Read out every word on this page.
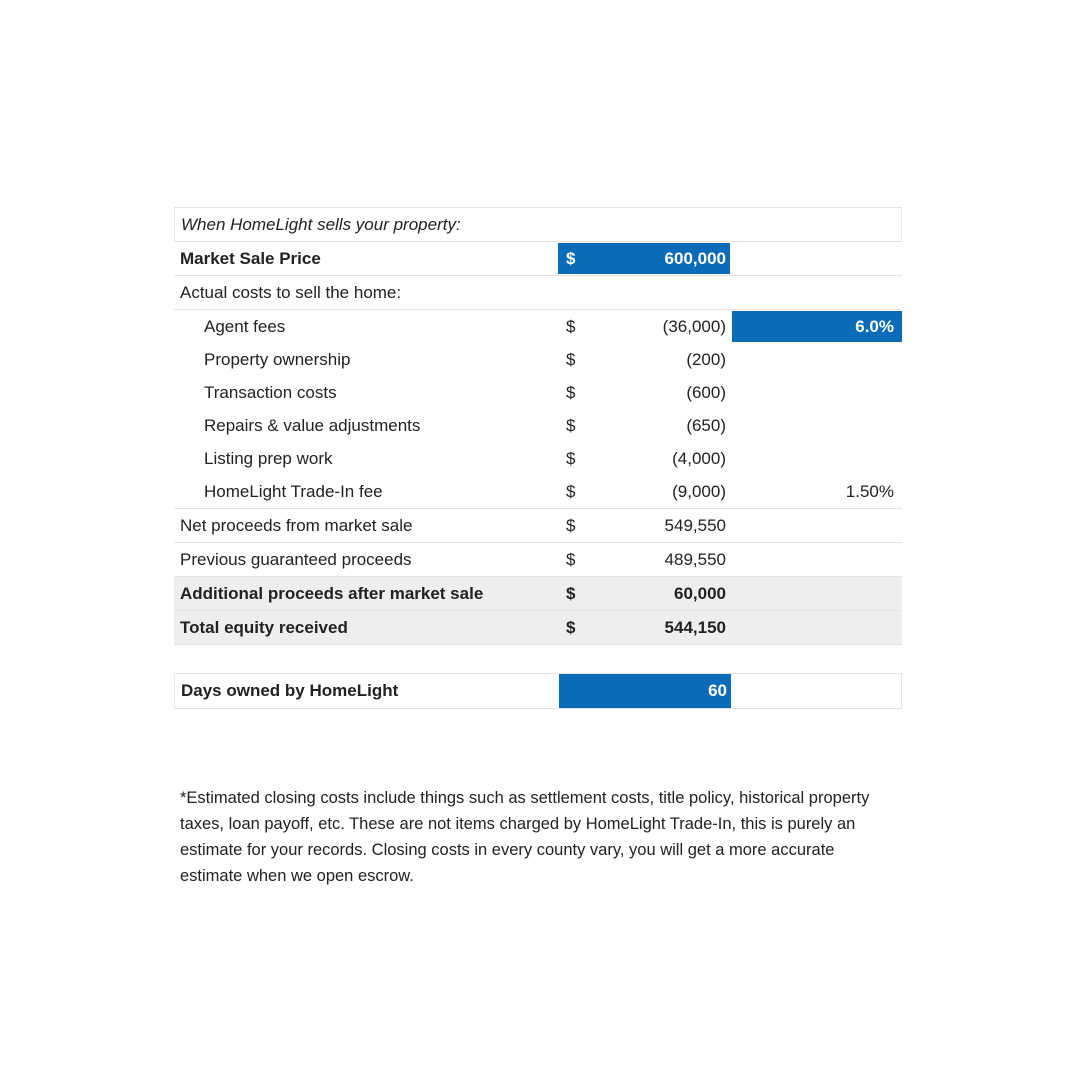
When HomeLight sells your property:
Market Sale Price	$	600,000
Actual costs to sell the home:
Agent fees	$	(36,000)	6.0%
Property ownership	$	(200)
Transaction costs	$	(600)
Repairs & value adjustments	$	(650)
Listing prep work	$	(4,000)
HomeLight Trade-In fee	$	(9,000)	1.50%
Net proceeds from market sale	$	549,550
Previous guaranteed proceeds	$	489,550
Additional proceeds after market sale	$	60,000
Total equity received	$	544,150
Days owned by HomeLight	60

*Estimated closing costs include things such as settlement costs, title policy, historical property taxes, loan payoff, etc. These are not items charged by HomeLight Trade-In, this is purely an estimate for your records. Closing costs in every county vary, you will get a more accurate estimate when we open escrow.
